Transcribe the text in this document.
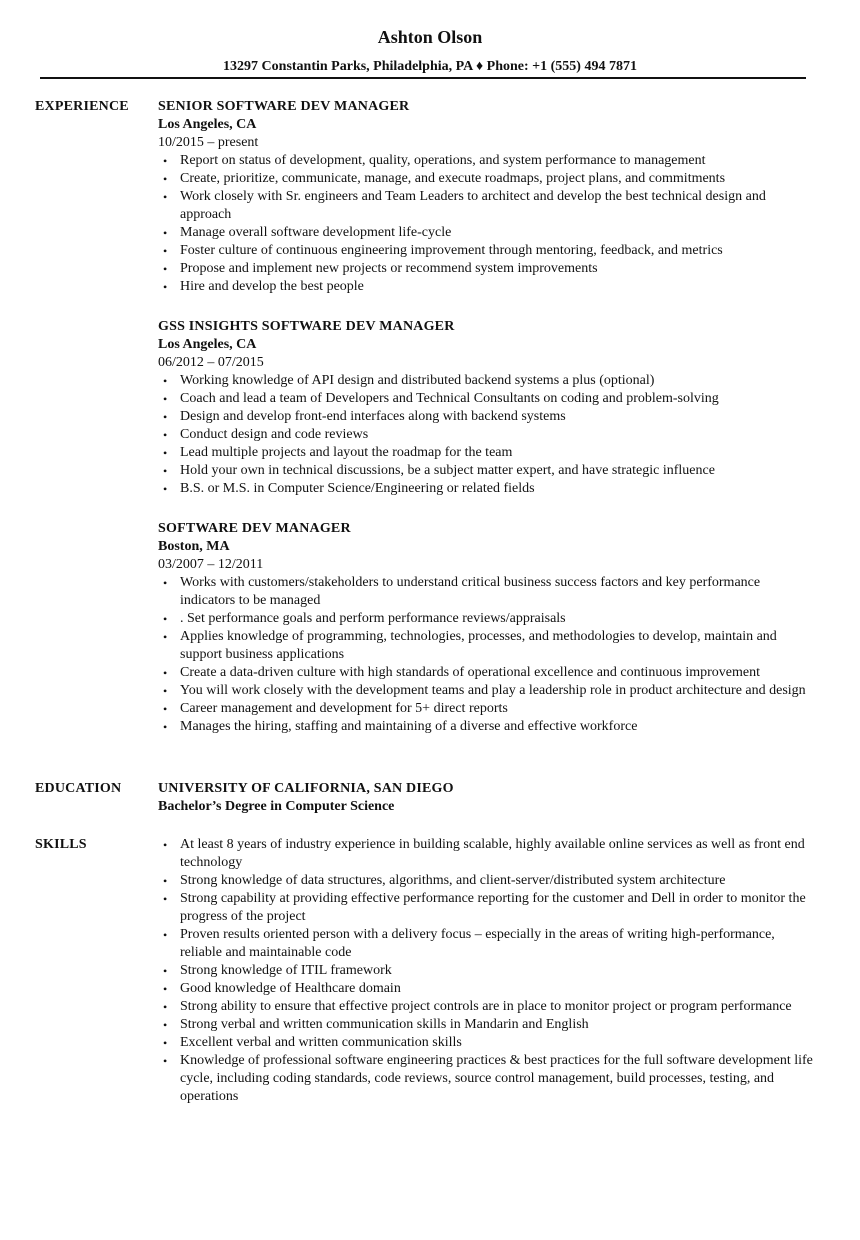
Ashton Olson
13297 Constantin Parks, Philadelphia, PA ♦ Phone: +1 (555) 494 7871
EXPERIENCE SENIOR SOFTWARE DEV MANAGER
Los Angeles, CA
10/2015 – present
• Report on status of development, quality, operations, and system performance to management
• Create, prioritize, communicate, manage, and execute roadmaps, project plans, and commitments
• Work closely with Sr. engineers and Team Leaders to architect and develop the best technical design and approach
• Manage overall software development life-cycle
• Foster culture of continuous engineering improvement through mentoring, feedback, and metrics
• Propose and implement new projects or recommend system improvements
• Hire and develop the best people
GSS INSIGHTS SOFTWARE DEV MANAGER
Los Angeles, CA
06/2012 – 07/2015
• Working knowledge of API design and distributed backend systems a plus (optional)
• Coach and lead a team of Developers and Technical Consultants on coding and problem-solving
• Design and develop front-end interfaces along with backend systems
• Conduct design and code reviews
• Lead multiple projects and layout the roadmap for the team
• Hold your own in technical discussions, be a subject matter expert, and have strategic influence
• B.S. or M.S. in Computer Science/Engineering or related fields
SOFTWARE DEV MANAGER
Boston, MA
03/2007 – 12/2011
• Works with customers/stakeholders to understand critical business success factors and key performance indicators to be managed
• . Set performance goals and perform performance reviews/appraisals
• Applies knowledge of programming, technologies, processes, and methodologies to develop, maintain and support business applications
• Create a data-driven culture with high standards of operational excellence and continuous improvement
• You will work closely with the development teams and play a leadership role in product architecture and design
• Career management and development for 5+ direct reports
• Manages the hiring, staffing and maintaining of a diverse and effective workforce
EDUCATION	UNIVERSITY OF CALIFORNIA, SAN DIEGO
Bachelor’s Degree in Computer Science
SKILLS	• At least 8 years of industry experience in building scalable, highly available online services as well as front end technology
• Strong knowledge of data structures, algorithms, and client-server/distributed system architecture
• Strong capability at providing effective performance reporting for the customer and Dell in order to monitor the progress of the project
• Proven results oriented person with a delivery focus – especially in the areas of writing high-performance, reliable and maintainable code
• Strong knowledge of ITIL framework
• Good knowledge of Healthcare domain
• Strong ability to ensure that effective project controls are in place to monitor project or program performance
• Strong verbal and written communication skills in Mandarin and English
• Excellent verbal and written communication skills
• Knowledge of professional software engineering practices & best practices for the full software development life cycle, including coding standards, code reviews, source control management, build processes, testing, and operations
